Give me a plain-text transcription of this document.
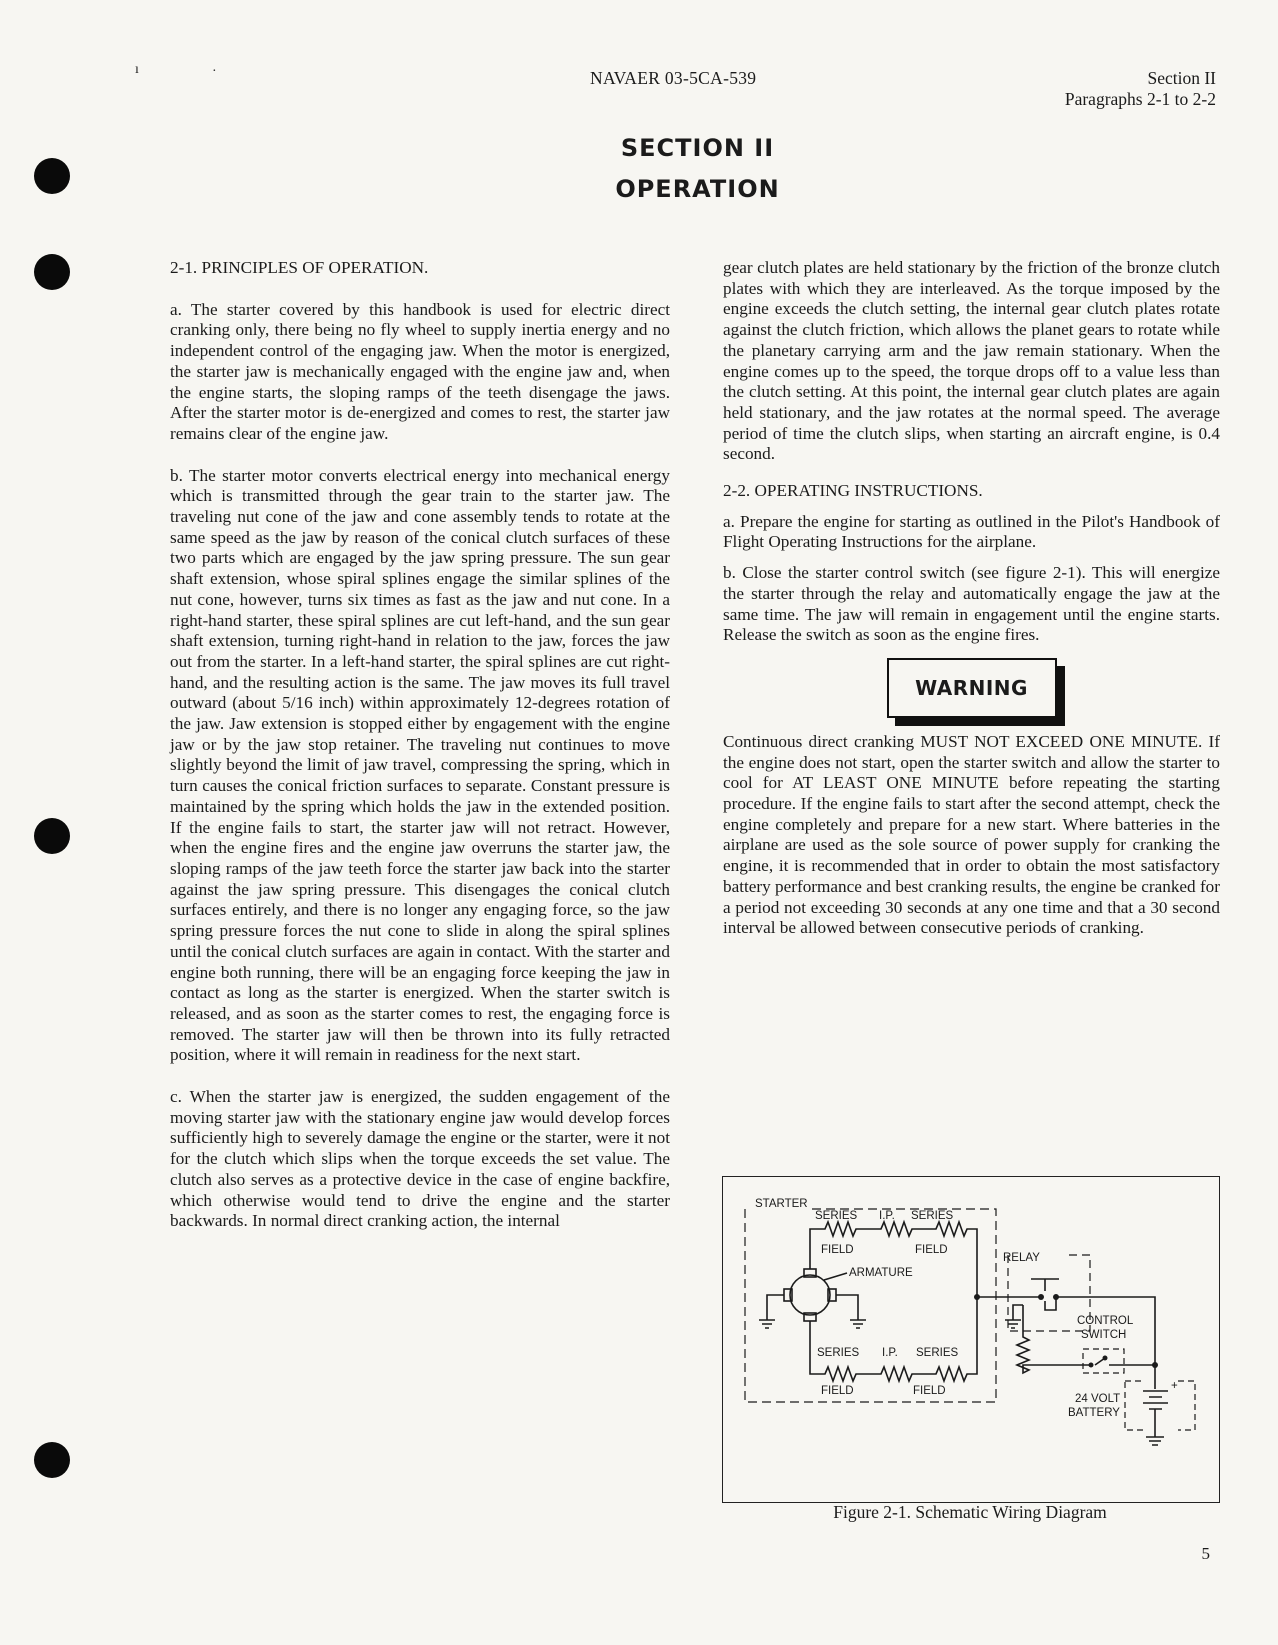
ı	·	NAVAER 03-5CA-539	Section II
Paragraphs 2-1 to 2-2
SECTION II
OPERATION

2-1. PRINCIPLES OF OPERATION.

a. The starter covered by this handbook is used for electric direct cranking only, there being no fly wheel to supply inertia energy and no independent control of the engaging jaw. When the motor is energized, the starter jaw is mechanically engaged with the engine jaw and, when the engine starts, the sloping ramps of the teeth disengage the jaws. After the starter motor is de-energized and comes to rest, the starter jaw remains clear of the engine jaw.

b. The starter motor converts electrical energy into mechanical energy which is transmitted through the gear train to the starter jaw. The traveling nut cone of the jaw and cone assembly tends to rotate at the same speed as the jaw by reason of the conical clutch surfaces of these two parts which are engaged by the jaw spring pressure. The sun gear shaft extension, whose spiral splines engage the similar splines of the nut cone, however, turns six times as fast as the jaw and nut cone. In a right-hand starter, these spiral splines are cut left-hand, and the sun gear shaft extension, turning right-hand in relation to the jaw, forces the jaw out from the starter. In a left-hand starter, the spiral splines are cut right-hand, and the resulting action is the same. The jaw moves its full travel outward (about 5/16 inch) within approximately 12-degrees rotation of the jaw. Jaw extension is stopped either by engagement with the engine jaw or by the jaw stop retainer. The traveling nut continues to move slightly beyond the limit of jaw travel, compressing the spring, which in turn causes the conical friction surfaces to separate. Constant pressure is maintained by the spring which holds the jaw in the extended position. If the engine fails to start, the starter jaw will not retract. However, when the engine fires and the engine jaw overruns the starter jaw, the sloping ramps of the jaw teeth force the starter jaw back into the starter against the jaw spring pressure. This disengages the conical clutch surfaces entirely, and there is no longer any engaging force, so the jaw spring pressure forces the nut cone to slide in along the spiral splines until the conical clutch surfaces are again in contact. With the starter and engine both running, there will be an engaging force keeping the jaw in contact as long as the starter is energized. When the starter switch is released, and as soon as the starter comes to rest, the engaging force is removed. The starter jaw will then be thrown into its fully retracted position, where it will remain in readiness for the next start.

c. When the starter jaw is energized, the sudden engagement of the moving starter jaw with the stationary engine jaw would develop forces sufficiently high to severely damage the engine or the starter, were it not for the clutch which slips when the torque exceeds the set value. The clutch also serves as a protective device in the case of engine backfire, which otherwise would tend to drive the engine and the starter backwards. In normal direct cranking action, the internal

gear clutch plates are held stationary by the friction of the bronze clutch plates with which they are interleaved. As the torque imposed by the engine exceeds the clutch setting, the internal gear clutch plates rotate against the clutch friction, which allows the planet gears to rotate while the planetary carrying arm and the jaw remain stationary. When the engine comes up to the speed, the torque drops off to a value less than the clutch setting. At this point, the internal gear clutch plates are again held stationary, and the jaw rotates at the normal speed. The average period of time the clutch slips, when starting an aircraft engine, is 0.4 second.

2-2. OPERATING INSTRUCTIONS.

a. Prepare the engine for starting as outlined in the Pilot's Handbook of Flight Operating Instructions for the airplane.

b. Close the starter control switch (see figure 2-1). This will energize the starter through the relay and automatically engage the jaw at the same time. The jaw will remain in engagement until the engine starts. Release the switch as soon as the engine fires.

WARNING

Continuous direct cranking MUST NOT EXCEED ONE MINUTE. If the engine does not start, open the starter switch and allow the starter to cool for AT LEAST ONE MINUTE before repeating the starting procedure. If the engine fails to start after the second attempt, check the engine completely and prepare for a new start. Where batteries in the airplane are used as the sole source of power supply for cranking the engine, it is recommended that in order to obtain the most satisfactory battery performance and best cranking results, the engine be cranked for a period not exceeding 30 seconds at any one time and that a 30 second interval be allowed between consecutive periods of cranking.

STARTER
SERIES I.P. SERIES
FIELD	FIELD
ARMATURE
RELAY
CONTROL
SWITCH
SERIES I.P. SERIES
FIELD	FIELD	+
24 VOLT
BATTERY
Figure 2-1. Schematic Wiring Diagram
5
